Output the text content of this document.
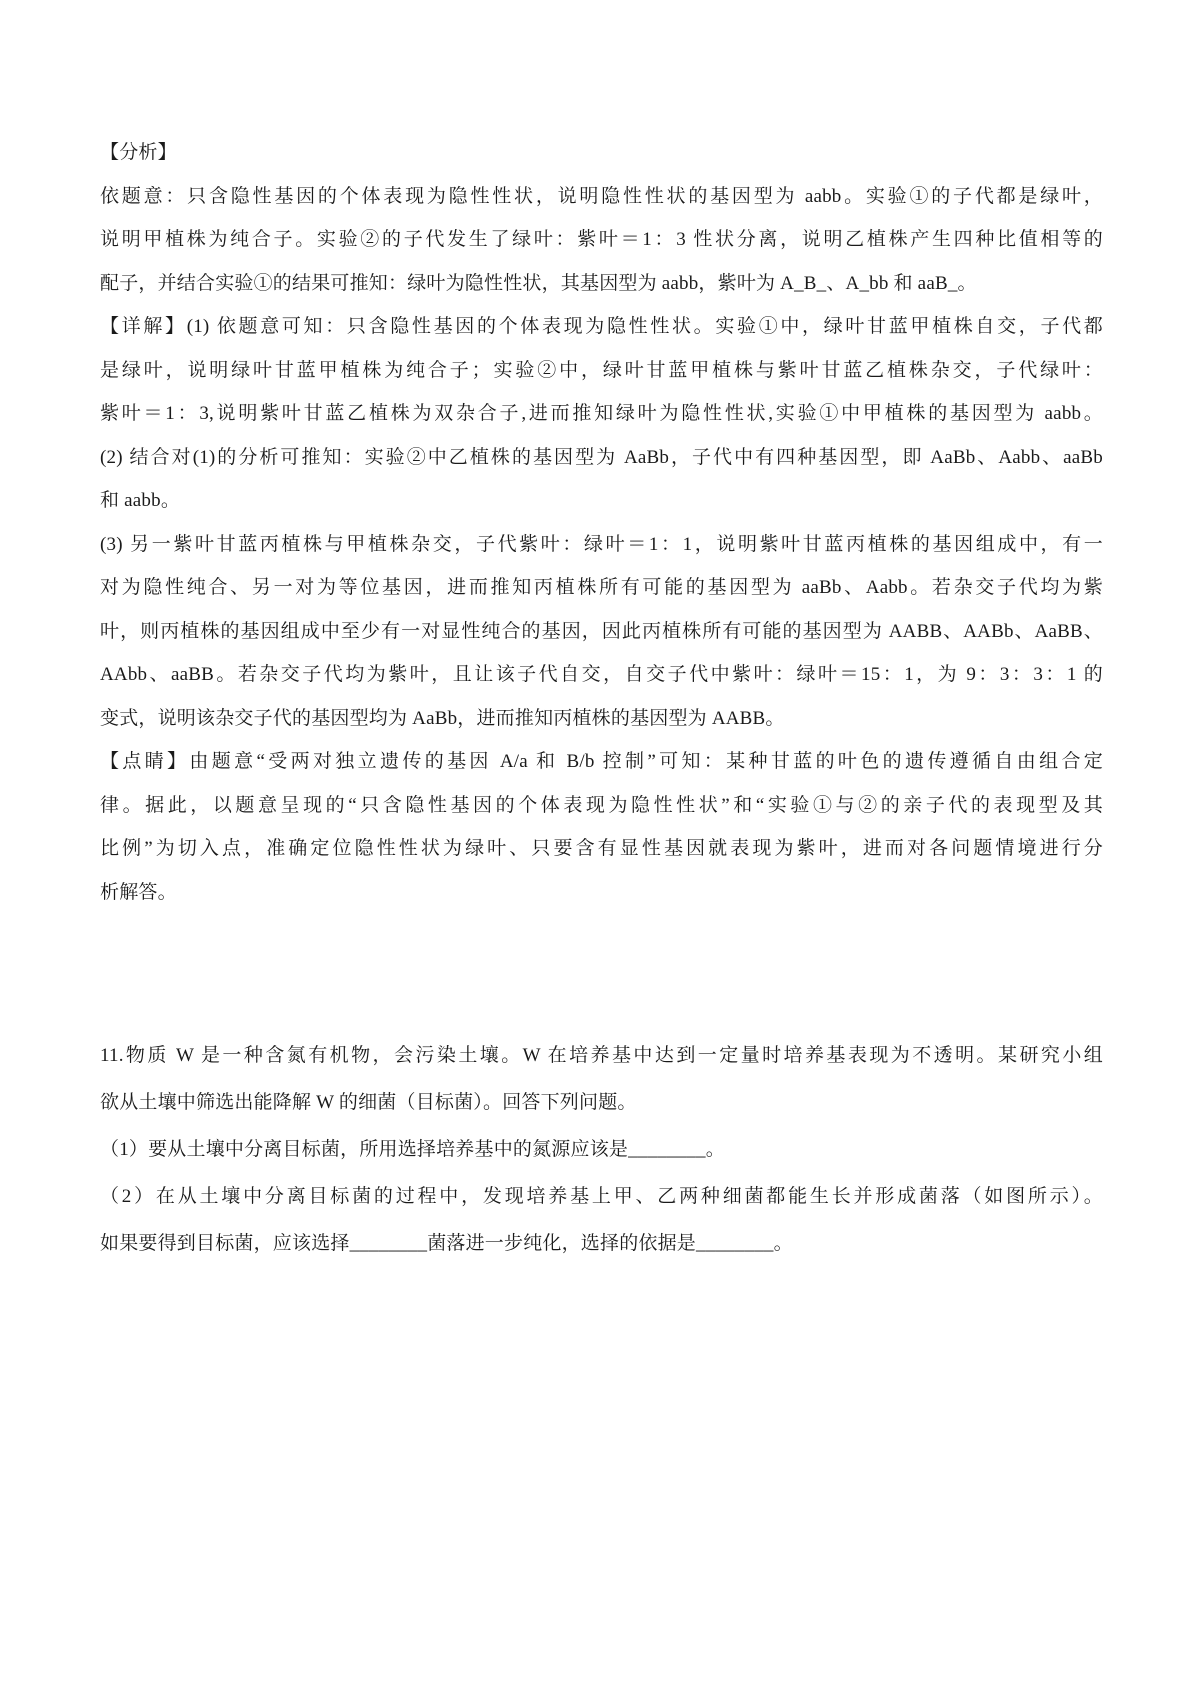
【分析】

依题意：只含隐性基因的个体表现为隐性性状，说明隐性性状的基因型为 aabb。实验①的子代都是绿叶，

说明甲植株为纯合子。实验②的子代发生了绿叶：紫叶＝1：3 性状分离，说明乙植株产生四种比值相等的

配子，并结合实验①的结果可推知：绿叶为隐性性状，其基因型为 aabb，紫叶为 A_B_、A_bb 和 aaB_。

【详解】(1) 依题意可知：只含隐性基因的个体表现为隐性性状。实验①中，绿叶甘蓝甲植株自交，子代都

是绿叶，说明绿叶甘蓝甲植株为纯合子；实验②中，绿叶甘蓝甲植株与紫叶甘蓝乙植株杂交，子代绿叶：

紫叶＝1：3,说明紫叶甘蓝乙植株为双杂合子,进而推知绿叶为隐性性状,实验①中甲植株的基因型为 aabb。

(2) 结合对(1)的分析可推知：实验②中乙植株的基因型为 AaBb，子代中有四种基因型，即 AaBb、Aabb、aaBb

和 aabb。

(3) 另一紫叶甘蓝丙植株与甲植株杂交，子代紫叶：绿叶＝1：1，说明紫叶甘蓝丙植株的基因组成中，有一

对为隐性纯合、另一对为等位基因，进而推知丙植株所有可能的基因型为 aaBb、Aabb。若杂交子代均为紫

叶，则丙植株的基因组成中至少有一对显性纯合的基因，因此丙植株所有可能的基因型为 AABB、AABb、AaBB、

AAbb、aaBB。若杂交子代均为紫叶，且让该子代自交，自交子代中紫叶：绿叶＝15：1，为 9：3：3：1 的

变式，说明该杂交子代的基因型均为 AaBb，进而推知丙植株的基因型为 AABB。

【点睛】由题意“受两对独立遗传的基因 A/a 和 B/b 控制”可知：某种甘蓝的叶色的遗传遵循自由组合定

律。据此，以题意呈现的“只含隐性基因的个体表现为隐性性状”和“实验①与②的亲子代的表现型及其

比例”为切入点，准确定位隐性性状为绿叶、只要含有显性基因就表现为紫叶，进而对各问题情境进行分

析解答。

11.物质 W 是一种含氮有机物，会污染土壤。W 在培养基中达到一定量时培养基表现为不透明。某研究小组

欲从土壤中筛选出能降解 W 的细菌（目标菌）。回答下列问题。

（1）要从土壤中分离目标菌，所用选择培养基中的氮源应该是________。

（2）在从土壤中分离目标菌的过程中，发现培养基上甲、乙两种细菌都能生长并形成菌落（如图所示）。

如果要得到目标菌，应该选择________菌落进一步纯化，选择的依据是________。
